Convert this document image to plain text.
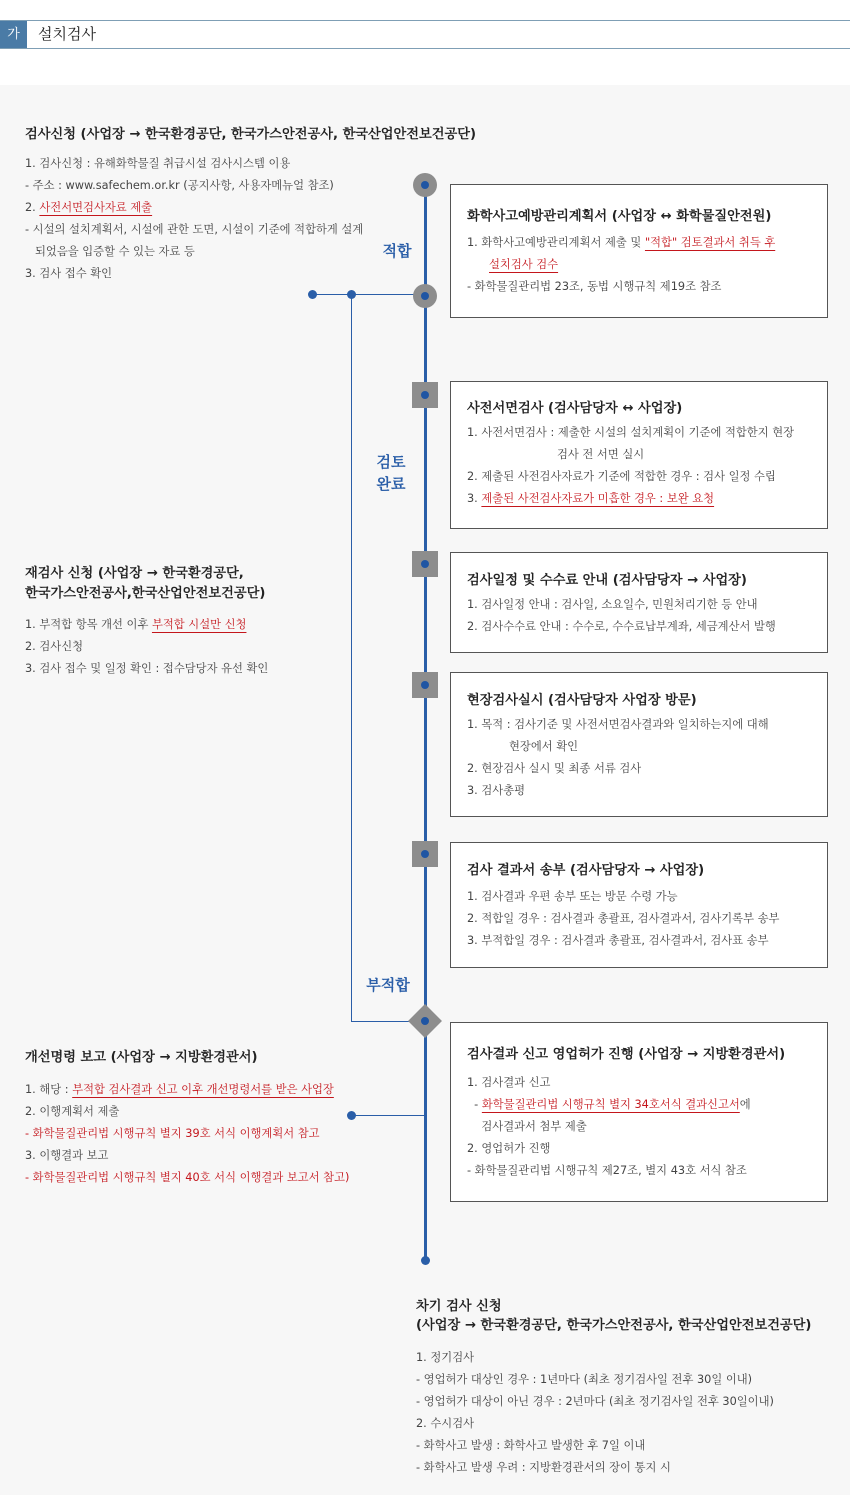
가	설치검사
적합
검토
완료
부적합
검사신청 (사업장 → 한국환경공단, 한국가스안전공사, 한국산업안전보건공단)
1. 검사신청 : 유해화학물질 취급시설 검사시스템 이용
- 주소 : www.safechem.or.kr (공지사항, 사용자메뉴얼 참조)
2. 사전서면검사자료 제출
- 시설의 설치계획서, 시설에 관한 도면, 시설이 기준에 적합하게 설계
되었음을 입증할 수 있는 자료 등
3. 검사 접수 확인
재검사 신청 (사업장 → 한국환경공단,
한국가스안전공사,한국산업안전보건공단)
1. 부적합 항목 개선 이후 부적합 시설만 신청
2. 검사신청
3. 검사 접수 및 일정 확인 : 접수담당자 유선 확인
개선명령 보고 (사업장 → 지방환경관서)
1. 해당 : 부적합 검사결과 신고 이후 개선명령서를 받은 사업장
2. 이행계획서 제출
- 화학물질관리법 시행규칙 별지 39호 서식 이행계획서 참고
3. 이행결과 보고
- 화학물질관리법 시행규칙 별지 40호 서식 이행결과 보고서 참고)
화학사고예방관리계획서 (사업장 ↔ 화학물질안전원)
1. 화학사고예방관리계획서 제출 및 "적합" 검토결과서 취득 후
설치검사 검수
- 화학물질관리법 23조, 동법 시행규칙 제19조 참조
사전서면검사 (검사담당자 ↔ 사업장)
1. 사전서면검사 : 제출한 시설의 설치계획이 기준에 적합한지 현장
검사 전 서면 실시
2. 제출된 사전검사자료가 기준에 적합한 경우 : 검사 일정 수립
3. 제출된 사전검사자료가 미흡한 경우 : 보완 요청
검사일정 및 수수료 안내 (검사담당자 → 사업장)
1. 검사일정 안내 : 검사일, 소요일수, 민원처리기한 등 안내
2. 검사수수료 안내 : 수수로, 수수료납부계좌, 세금계산서 발행
현장검사실시 (검사담당자 사업장 방문)
1. 목적 : 검사기준 및 사전서면검사결과와 일치하는지에 대해
현장에서 확인
2. 현장검사 실시 및 최종 서류 검사
3. 검사총평
검사 결과서 송부 (검사담당자 → 사업장)
1. 검사결과 우편 송부 또는 방문 수령 가능
2. 적합일 경우 : 검사결과 총괄표, 검사결과서, 검사기록부 송부
3. 부적합일 경우 : 검사결과 총괄표, 검사결과서, 검사표 송부
검사결과 신고 영업허가 진행 (사업장 → 지방환경관서)
1. 검사결과 신고
- 화학물질관리법 시행규칙 별지 34호서식 결과신고서에
검사결과서 첨부 제출
2. 영업허가 진행
- 화학물질관리법 시행규칙 제27조, 별지 43호 서식 참조
차기 검사 신청
(사업장 → 한국환경공단, 한국가스안전공사, 한국산업안전보건공단)
1. 정기검사
- 영업허가 대상인 경우 : 1년마다 (최초 정기검사일 전후 30일 이내)
- 영업허가 대상이 아닌 경우 : 2년마다 (최초 정기검사일 전후 30일이내)
2. 수시검사
- 화학사고 발생 : 화학사고 발생한 후 7일 이내
- 화학사고 발생 우려 : 지방환경관서의 장이 통지 시
